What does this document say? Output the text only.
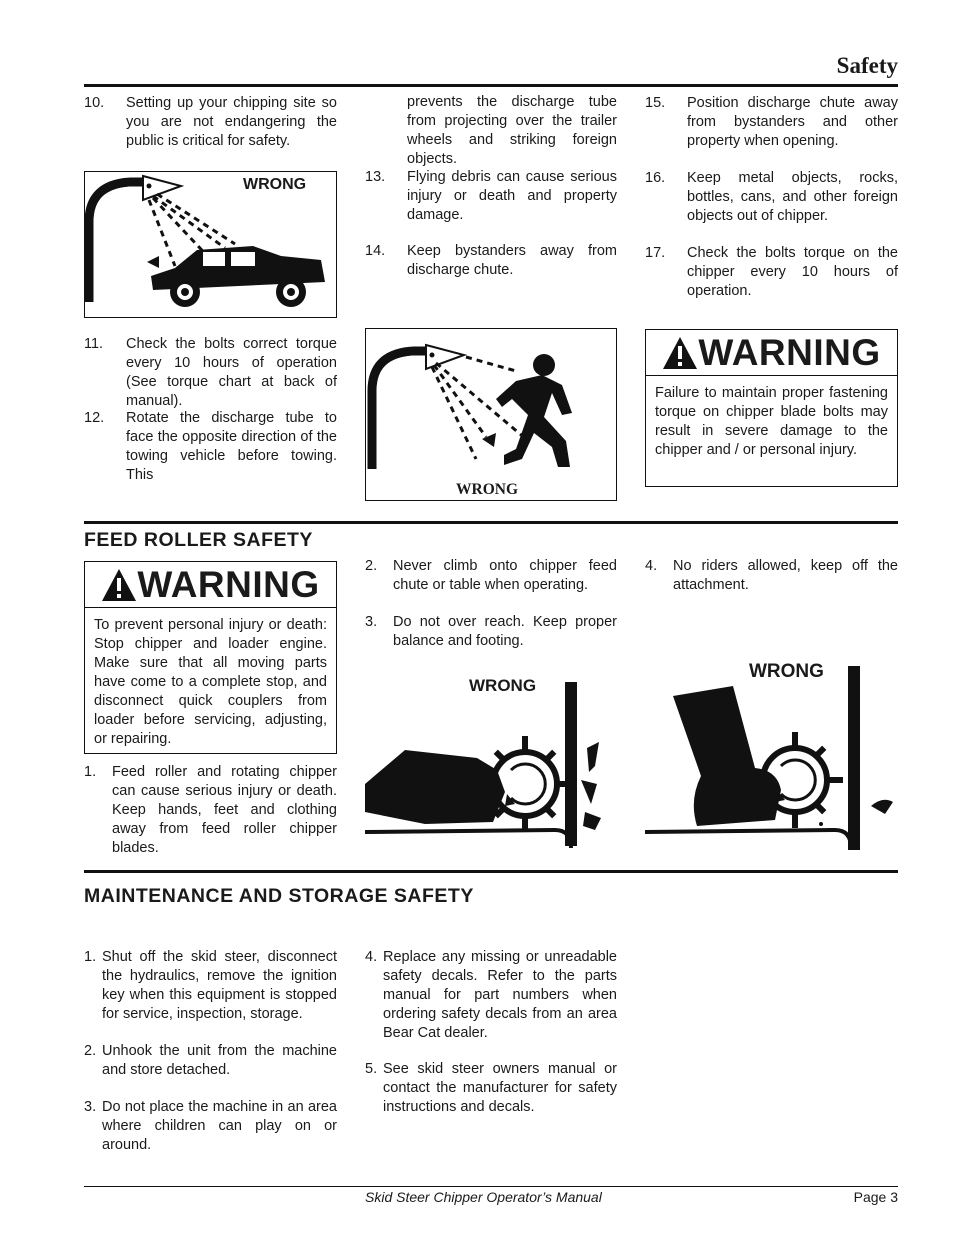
Safety
10. Setting up your chipping site so you are not endangering the public is critical for safety.
WRONG
11. Check the bolts correct torque every 10 hours of operation (See torque chart at back of manual).
12. Rotate the discharge tube to face the opposite direction of the towing vehicle before towing. This
prevents the discharge tube from projecting over the trailer wheels and striking foreign objects.
13. Flying debris can cause serious injury or death and property damage.
14. Keep bystanders away from discharge chute.
WRONG
15. Position discharge chute away from bystanders and other property when opening.
16. Keep metal objects, rocks, bottles, cans, and other foreign objects out of chipper.
17. Check the bolts torque on the chipper every 10 hours of operation.
WARNING
Failure to maintain proper fastening torque on chipper blade bolts may result in severe damage to the chipper and / or personal injury.
FEED ROLLER SAFETY
WARNING
To prevent personal injury or death: Stop chipper and loader engine. Make sure that all moving parts have come to a complete stop, and disconnect quick couplers from loader before servicing, adjusting, or repairing.
1. Feed roller and rotating chipper can cause serious injury or death. Keep hands, feet and clothing away from feed roller chipper blades.
2. Never climb onto chipper feed chute or table when operating.
3. Do not over reach. Keep proper balance and footing.
4. No riders allowed, keep off the attachment.
WRONG
WRONG
MAINTENANCE AND STORAGE SAFETY
1. Shut off the skid steer, disconnect the hydraulics, remove the ignition key when this equipment is stopped for service, inspection, storage.
2. Unhook the unit from the machine and store detached.
3. Do not place the machine in an area where children can play on or around.
4. Replace any missing or unreadable safety decals. Refer to the parts manual for part numbers when ordering safety decals from an area Bear Cat dealer.
5. See skid steer owners manual or contact the manufacturer for safety instructions and decals.
Skid Steer Chipper Operator’s Manual	Page 3
